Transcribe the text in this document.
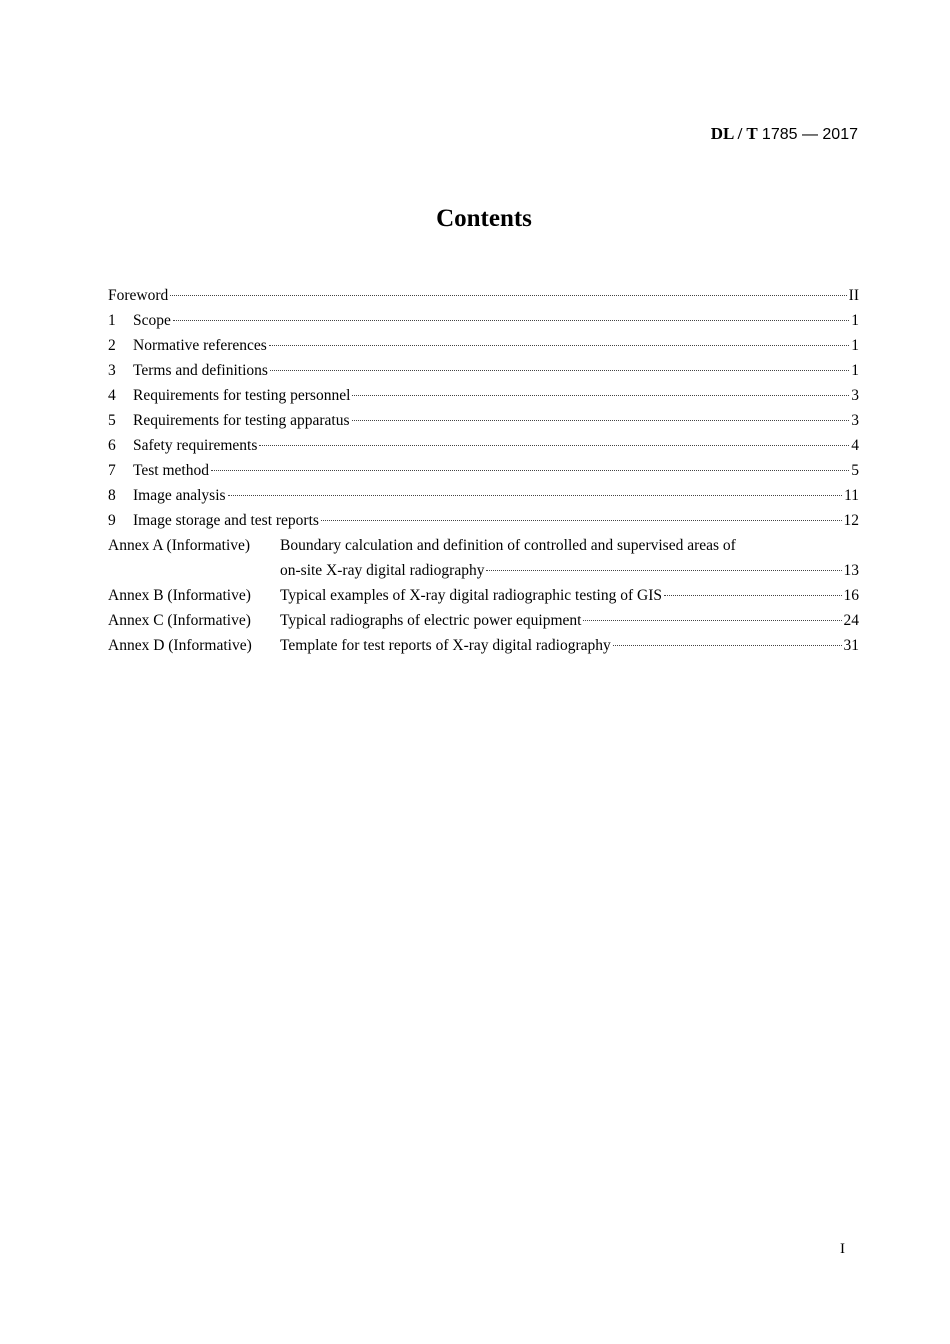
DL / T 1785 — 2017
Contents
Foreword	II
1	Scope	1
2	Normative references	1
3	Terms and definitions	1
4	Requirements for testing personnel	3
5	Requirements for testing apparatus	3
6	Safety requirements	4
7	Test method	5
8	Image analysis	11
9	Image storage and test reports	12
Annex A (Informative)	Boundary calculation and definition of controlled and supervised areas of
on-site X-ray digital radiography	13
Annex B (Informative)	Typical examples of X-ray digital radiographic testing of GIS	16
Annex C (Informative)	Typical radiographs of electric power equipment	24
Annex D (Informative)	Template for test reports of X-ray digital radiography	31
I
